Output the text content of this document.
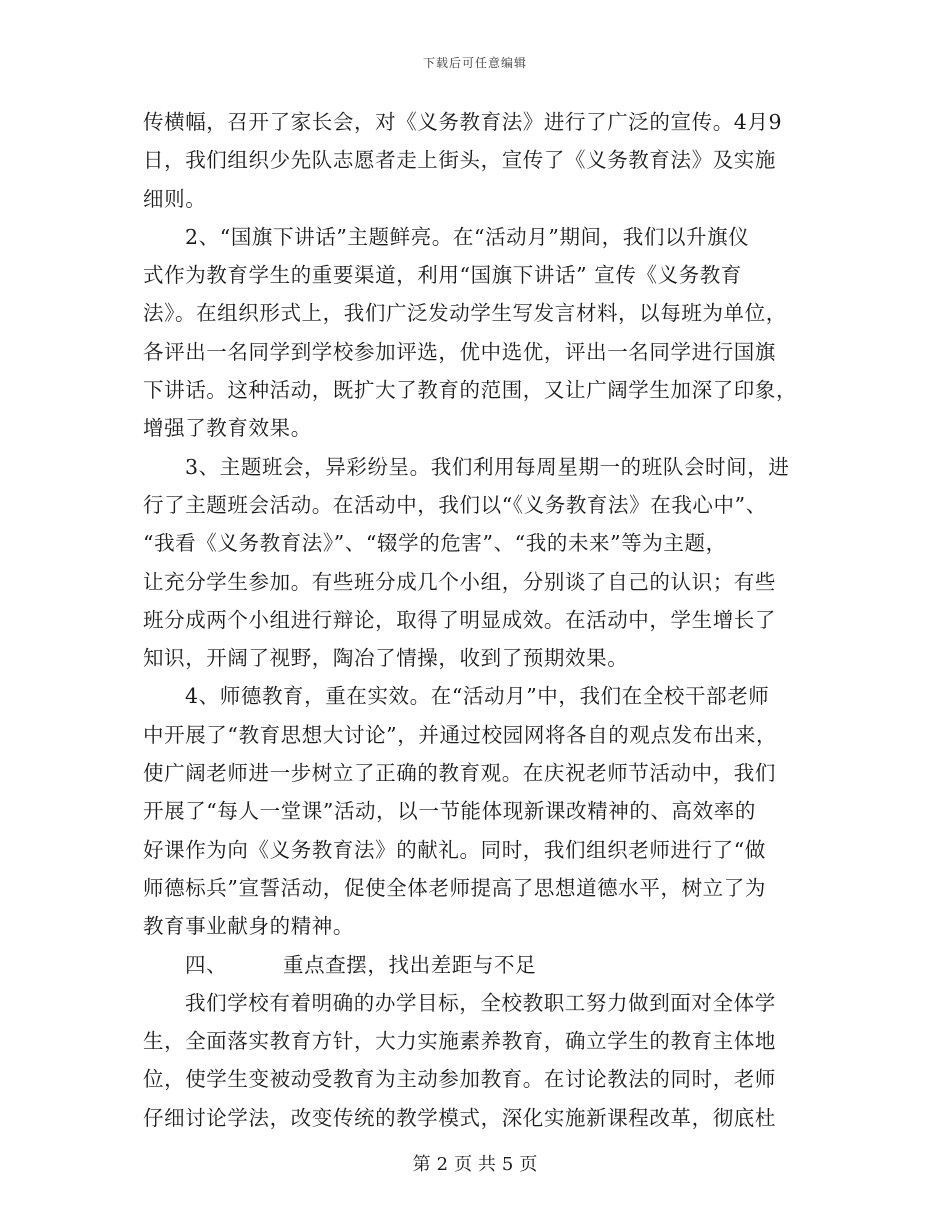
下载后可任意编辑
传横幅，召开了家长会，对《义务教育法》进行了广泛的宣传。4月9
日，我们组织少先队志愿者走上街头，宣传了《义务教育法》及实施
细则。
2、“国旗下讲话”主题鲜亮。在“活动月”期间，我们以升旗仪
式作为教育学生的重要渠道，利用“国旗下讲话” 宣传《义务教育
法》。在组织形式上，我们广泛发动学生写发言材料，以每班为单位，
各评出一名同学到学校参加评选，优中选优，评出一名同学进行国旗
下讲话。这种活动，既扩大了教育的范围，又让广阔学生加深了印象，
增强了教育效果。
3、主题班会，异彩纷呈。我们利用每周星期一的班队会时间，进
行了主题班会活动。在活动中，我们以“《义务教育法》在我心中”、
“我看《义务教育法》”、“辍学的危害”、“我的未来”等为主题，
让充分学生参加。有些班分成几个小组，分别谈了自己的认识；有些
班分成两个小组进行辩论，取得了明显成效。在活动中，学生增长了
知识，开阔了视野，陶冶了情操，收到了预期效果。
4、师德教育，重在实效。在“活动月”中，我们在全校干部老师
中开展了“教育思想大讨论”，并通过校园网将各自的观点发布出来，
使广阔老师进一步树立了正确的教育观。在庆祝老师节活动中，我们
开展了“每人一堂课”活动，以一节能体现新课改精神的、高效率的
好课作为向《义务教育法》的献礼。同时，我们组织老师进行了“做
师德标兵”宣誓活动，促使全体老师提高了思想道德水平，树立了为
教育事业献身的精神。
四、	重点查摆，找出差距与不足
我们学校有着明确的办学目标，全校教职工努力做到面对全体学
生，全面落实教育方针，大力实施素养教育，确立学生的教育主体地
位，使学生变被动受教育为主动参加教育。在讨论教法的同时，老师
仔细讨论学法，改变传统的教学模式，深化实施新课程改革，彻底杜
第 2 页 共 5 页
